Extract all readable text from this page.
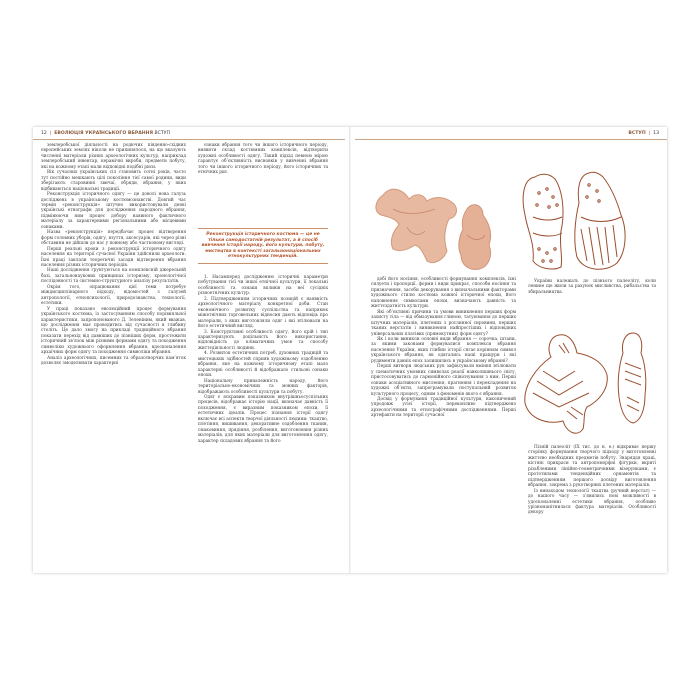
12  |  ЕВОЛЮЦІЯ УКРАЇНСЬКОГО ВБРАННЯ ВСТУП	ВСТУП  |  13

землеробської діяльності на родючих південно-східних європейських землях ніколи не припинялося, на що вказують численні матеріали різних археологічних культур, наприклад землеробський інвентар, керамічні вироби, предмети побуту, які на кожному етапі мали відповідні подібні риси.

Вік сучасних українських сіл становить сотні років, часто тут постійно мешкають цілі покоління тієї самої родини, види зберігають старовинні звичаї, обряди, вбрання, у яких відбиваються національні традиції.

Реконструкція історичного одягу — це доволі нова галузь досліджень в українському костюмознавстві. Довгий час термін «реконструкція» штучно використовували деякі українські етнографи для дослідження народного вбрання, підмінюючи ним процес добору наявного фактичного матеріалу за характерними регіональними або місцевими ознаками.

Назва «реконструкція» передбачає процес відтворення форм головних уборів, одягу, взуття, аксесуарів, які через різні обставини не дійшли до нас у повному або частковому вигляді.

Перші реальні кроки з реконструкції історичного одягу населення на території сучасної України здійснили археологи. Їхні праці заклали теоретичні засади відтворення вбрання населення різних історичних періодів.

Наші дослідження ґрунтуються на комплексній джерельній базі, загальнонаукових принципах історизму, хронологічної послідовності та системно-структурного аналізу результатів.

Окрім того, опрацювання цієї теми потребує міждисциплінарного підходу, відомостей з галузей антропології, етнопсихології, природознавства, технології, естетики.

У праці показано еволюційний процес формування українського костюма, із застосуванням способу порівняльної характеристики, запропонованого Д. Зеленіним, який вважав, що дослідження має проводитись від сучасності в глибину століть. Це дало змогу на прикладі традиційного вбрання показати перехід від давніших до пізніших форм, простежити історичний зв’язок між різними формами одягу та походження символіки художнього оформлення вбрання, вдосконалення архаїчних форм одягу та походження символіки вбрання.

Аналіз археологічних, писемних та образотворчих пам’яток дозволяє змоделювати характерні

ознаки вбрання того чи іншого історичного періоду, виявити склад костюмних комплексів, відтворити художні особливості одягу. Такий підхід певною мірою гарантує об’єктивність висновків у вивченні вбрання того чи іншого історичного періоду, його історичних та етнічних рис.

Реконструкція історичного костюма — це не тільки самодостатній результат, а й спосіб вивчення історії народу, його культури, побуту, мистецтва в контексті загальнонаціональних етнокультурних тенденцій.

1. Насамперед дослідженню історичні параметри побутування тієї чи іншої етнічної культури, її локальні особливості та ознаки впливів на неї сусідніх різноетнічних культур.

2. Підтвердженням історичних позицій є наявність археологічного матеріалу конкретної доби. Стан економічного розвитку суспільства та напрямок міжетнічних торговельних відносин дають відповідь про матеріали, з яких виготовляли одяг і які втілювали на його естетичний вигляд.

3. Конструктивні особливості одягу, його крій і тип характеризують доцільність його використання, відповідність до кліматичних умов та способу життєдіяльності людини.

4. Розвиток естетичних потреб, духовних традицій та мистецьких здібностей сприяв художньому оздобленню вбрання, яке на кожному історичному етапі мало характерні особливості й відображало стильові ознаки епохи.

Національну приналежність народу, його територіально-економічних та мовних факторів, відображають особливості культури та побуту.

Одяг є яскравим показником внутрішньосуспільних процесів, відображає історію нації, визначає давність її походження, є виразним показником епохи, її естетичних ідеалів. Процес пізнання історії одягу включає всі аспекти творчої діяльності людини: ткацтво, плетіння, вишивання, декоративне оздоблення тканин, смаковиння, прядіння, розбілення, виготовлення різних матеріалів, для яких матеріали для виготовлення одягу, характер складових вбрання та його

добі його носіння, особливості формування комплексів, їхні силуети і пропорції, форми і види прикрас, способи носіння та призначення, засоби декорування з визначальними факторами художнього стилю костюма кожної історичної епохи, його наповнення символами епохи, визначають давність та життєздатність культури.

Які об’єктивні причини та умови виникнення перших форм захисту тіла — від обмазування глиною, татуювання до перших штучних матеріалів, плетених з рослинної сировини, перших тканих верстатів і виникнення найпростіших і відповідних універсальних платівих (прямокутних) форм одягу?

Як і коли виникли основні види вбрання — сорочка, штани, за якими законами формувалися комплекси вбрання населення України, яких глибин історії сягає корінням символ українського вбрання, як одягались наші пращури і які рудименти давніх епох залишились в українському вбранні?

Перші витвори людських рук зафіксували вміння втілювати у схематичних умовних символах реалії навколишнього світу, пристосовуватись до гармонійного співіснування з ним. Перші ознаки асоціативного мислення, прагнення і перекладення на художні об’єкти, запрограмували поступальний розвиток культурного процесу, одним з феноменів якого є вбрання.

Досвід у формуванні традиційної культури, накопичений упродовж усієї історії, переконливо підтверджено археологічними та етнографічними дослідженнями. Перші артефакти на території сучасної

України належать до пізнього палеоліту, коли ленине ще жили за рахунок мисливства, рибальства та збиральництва.

Пізній палеоліт (ІХ тис. до н. е.) відкриває першу сторінку формування творчого підходу у виготовленні життєво необхідних предметів побуту. Знаряддя праці, кістяні прикраси та антропоморфні фігурки, вкриті різьбленими лінійно-геометричними візерунками, є прототипами тенденційних орнаментів та підтвердженням першого досвіду виготовлення вбрання, зокрема з рукотворних плетених матеріалів.

Із винаходом технології ткацтва (ручний верстат) — до нашого часу — з’явились нові можливості в удосконаленні естетики вбрання, особливо урізноманітнилася фактура матеріалів. Особливості декору
